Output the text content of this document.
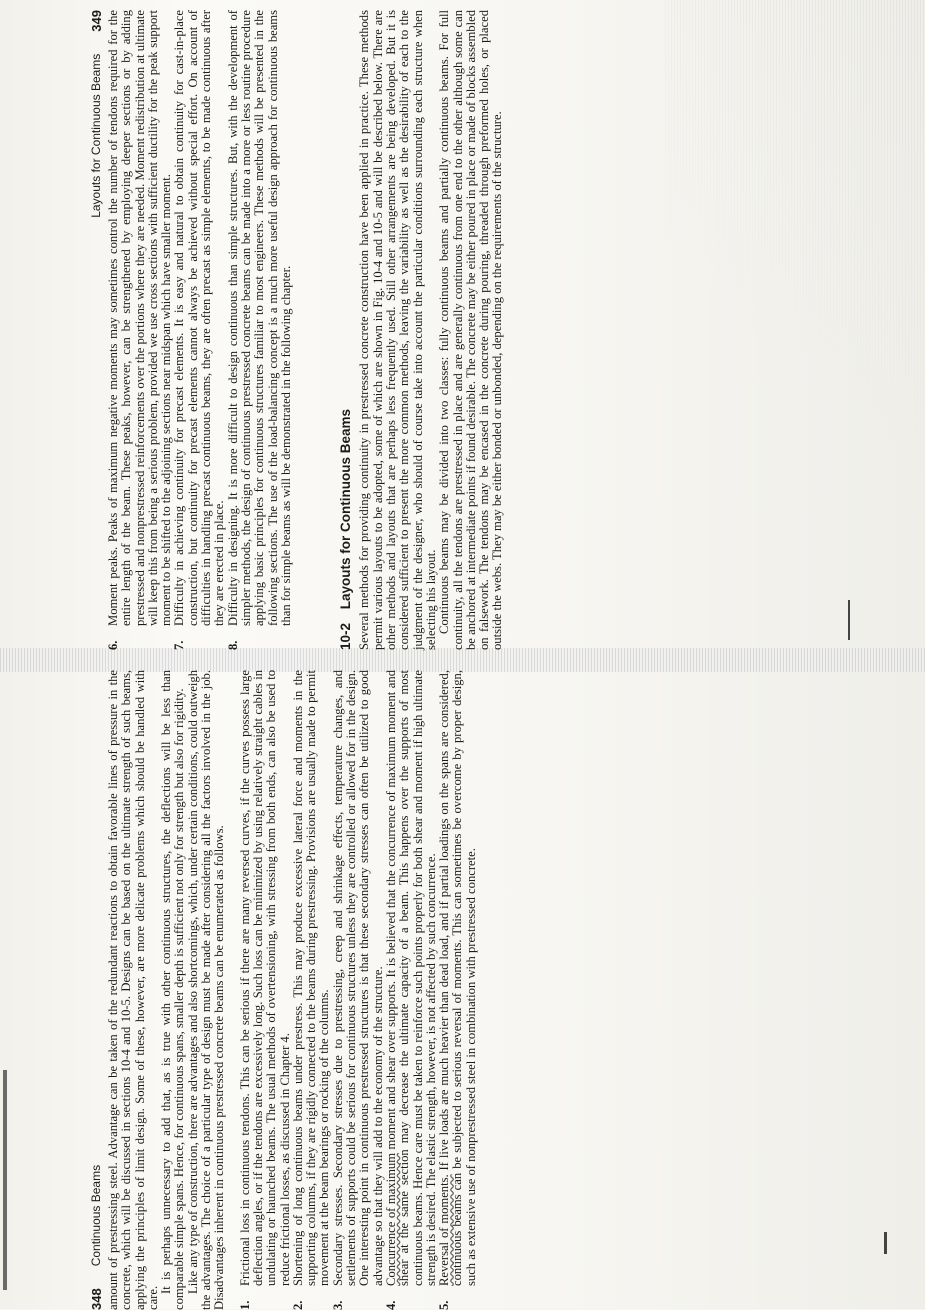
348
Continuous Beams amount of prestressing steel. Advantage can be taken of the redundant reactions to obtain favorable lines of pressure in the concrete, which will be discussed in sections 10-4 and 10-5. Designs can be based on the ultimate strength of such beams, applying the principles of limit design. Some of these, however, are more delicate problems which should be handled with care.

It is perhaps unnecessary to add that, as is true with other continuous structures, the deflections will be less than comparable simple spans. Hence, for continuous spans, smaller depth is sufficient not only for strength but also for rigidity. Like any type of construction, there are advantages and also shortcomings, which, under certain conditions, could outweigh the advantages. The choice of a particular type of design must be made after considering all the factors involved in the job. Disadvantages inherent in continuous prestressed concrete beams can be enumerated as follows. 1.
Frictional loss in continuous tendons. This can be serious if there are many reversed curves, if the curves possess large deflection angles, or if the tendons are excessively long. Such loss can be minimized by using relatively straight cables in undulating or haunched beams. The usual methods of overtensioning, with stressing from both ends, can also be used to reduce frictional losses, as discussed in Chapter 4.
2.
Shortening of long continuous beams under prestress. This may produce excessive lateral force and moments in the supporting columns, if they are rigidly connected to the beams during prestressing. Provisions are usually made to permit movement at the beam bearings or rocking of the columns.
3.
Secondary stresses. Secondary stresses due to prestressing, creep and shrinkage effects, temperature changes, and settlements of supports could be serious for continuous structures unless they are controlled or allowed for in the design. One interesting point in continuous prestressed structures is that these secondary stresses can often be utilized to good advantage so that they will add to the economy of the structure.
4.
Concurrence of maximum moment and shear over supports. It is believed that the concurrence of maximum moment and shear at the same section may decrease the ultimate capacity of a beam. This happens over the supports of most continuous beams. Hence care must be taken to reinforce such points properly for both shear and moment if high ultimate strength is desired. The elastic strength, however, is not affected by such concurrence.
5.
Reversal of moments. If live loads are much heavier than dead load, and if partial loadings on the spans are considered, continuous beams can be subjected to serious reversal of moments. This can sometimes be overcome by proper design, such as extensive use of nonprestressed steel in combination with prestressed concrete.
Layouts for Continuous Beams
349
6.
Moment peaks. Peaks of maximum negative moments may sometimes control the number of tendons required for the entire length of the beam. These peaks, however, can be strengthened by employing deeper sections or by adding prestressed and nonprestressed reinforcements over the portions where they are needed. Moment redistribution at ultimate will keep this from being a serious problem, provided we use cross sections with sufficient ductility for the peak support moment to be shifted to the adjoining sections near midspan which have smaller moment.
7.
Difficulty in achieving continuity for precast elements. It is easy and natural to obtain continuity for cast-in-place construction, but continuity for precast elements cannot always be achieved without special effort. On account of difficulties in handling precast continuous beams, they are often precast as simple elements, to be made continuous after they are erected in place.
8.
Difficulty in designing. It is more difficult to design continuous than simple structures. But, with the development of simpler methods, the design of continuous prestressed concrete beams can be made into a more or less routine procedure applying basic principles for continuous structures familiar to most engineers. These methods will be presented in the following sections. The use of the load-balancing concept is a much more useful design approach for continuous beams than for simple beams as will be demonstrated in the following chapter.
10-2 Layouts for Continuous Beams Several methods for providing continuity in prestressed concrete construction have been applied in practice. These methods permit various layouts to be adopted, some of which are shown in Fig. 10-4 and 10-5 and will be described below. There are other methods and layouts that are perhaps less frequently used. Still other arrangements are being developed. But it is considered sufficient to present the more common methods, leaving the variability as well as the desirability of each to the judgment of the designer, who should of course take into account the particular conditions surrounding each structure when selecting his layout. Continuous beams may be divided into two classes: fully continuous beams and partially continuous beams. For full continuity, all the tendons are prestressed in place and are generally continuous from one end to the other although some can be anchored at intermediate points if found desirable. The concrete may be either poured in place or made of blocks assembled on falsework. The tendons may be encased in the concrete during pouring, threaded through preformed holes, or placed outside the webs. They may be either bonded or unbonded, depending on the requirements of the structure.
